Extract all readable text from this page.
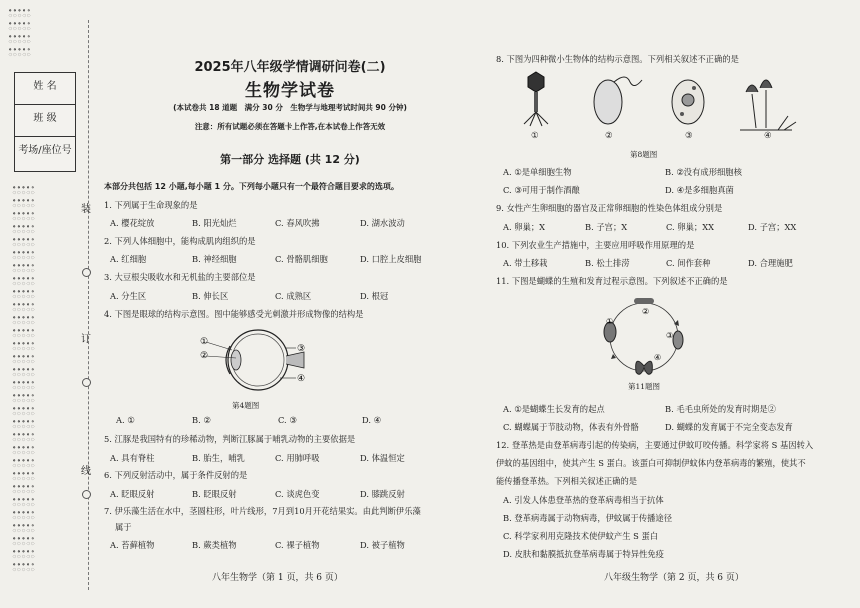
ఄఄఄఄఄఄఄఄఄ
ఄఄఄఄఄఄఄఄఄ
ఄఄఄఄఄఄఄఄఄ
ఄఄఄఄఄఄఄఄఄ
姓 名
班 级
考场/座位号
ఄఄఄఄఄఄఄఄఄ
ఄఄఄఄఄఄఄఄఄ
ఄఄఄఄఄఄఄఄఄ
ఄఄఄఄఄఄఄఄఄ
ఄఄఄఄఄఄఄఄఄ
ఄఄఄఄఄఄఄఄఄ
ఄఄఄఄఄఄఄఄఄ
ఄఄఄఄఄఄఄఄఄ
ఄఄఄఄఄఄఄఄఄ
ఄఄఄఄఄఄఄఄఄ
ఄఄఄఄఄఄఄఄఄ
ఄఄఄఄఄఄఄఄఄ
ఄఄఄఄఄఄఄఄఄ
ఄఄఄఄఄఄఄఄఄ
ఄఄఄఄఄఄఄఄఄ
ఄఄఄఄఄఄఄఄఄ
ఄఄఄఄఄఄఄఄఄ
ఄఄఄఄఄఄఄఄఄ
ఄఄఄఄఄఄఄఄఄ
ఄఄఄఄఄఄఄఄఄ
ఄఄఄఄఄఄఄఄఄ
ఄఄఄఄఄఄఄఄఄ
ఄఄఄఄఄఄఄఄఄ
ఄఄఄఄఄఄఄఄఄ
ఄఄఄఄఄఄఄఄఄ
ఄఄఄఄఄఄఄఄఄ
ఄఄఄఄఄఄఄఄఄ
ఄఄఄఄఄఄఄఄఄ
ఄఄఄఄఄఄఄఄఄ
ఄఄఄఄఄఄఄఄఄ
装
订
线
2025年八年级学情调研问卷(二)
生物学试卷
(本试卷共 18 道题　满分 30 分　生物学与地理考试时间共 90 分钟)
注意：所有试题必须在答题卡上作答,在本试卷上作答无效
第一部分 选择题 (共 12 分)
本部分共包括 12 小题,每小题 1 分。下列每小题只有一个最符合题目要求的选项。
1. 下列属于生命现象的是
A. 樱花绽放	B. 阳光灿烂	C. 春风吹拂	D. 湖水波动
2. 下列人体细胞中，能构成肌肉组织的是
A. 红细胞	B. 神经细胞	C. 骨骼肌细胞	D. 口腔上皮细胞
3. 大豆根尖吸收水和无机盐的主要部位是
A. 分生区	B. 伸长区	C. 成熟区	D. 根冠
4. 下图是眼球的结构示意图。图中能够感受光刺激并形成物像的结构是
①
②
③
④
第4题图
A. ①	B. ②	C. ③	D. ④
5. 江豚是我国特有的珍稀动物，判断江豚属于哺乳动物的主要依据是
A. 具有脊柱	B. 胎生，哺乳	C. 用肺呼吸	D. 体温恒定
6. 下列反射活动中，属于条件反射的是
A. 眨眼反射	B. 眨眼反射	C. 谈虎色变	D. 膝跳反射
7. 伊乐藻生活在水中，茎圆柱形，叶片线形，7月到10月开花结果实。由此判断伊乐藻
属于
A. 苔藓植物	B. 蕨类植物	C. 裸子植物	D. 被子植物
八年生物学（第 1 页，共 6 页）
8. 下图为四种微小生物体的结构示意图。下列相关叙述不正确的是
①	②	③	④
第8题图
A. ①是单细胞生物	B. ②没有成形细胞核
C. ③可用于制作酒酿	D. ④是多细胞真菌
9. 女性产生卵细胞的器官及正常卵细胞的性染色体组成分别是
A. 卵巢；X	B. 子宫；X	C. 卵巢；XX	D. 子宫；XX
10. 下列农业生产措施中，主要应用呼吸作用原理的是
A. 带土移栽	B. 松土排涝	C. 间作套种	D. 合理施肥
11. 下图是蝴蝶的生殖和发育过程示意图。下列叙述不正确的是
①
②
③
④
第11题图
A. ①是蝴蝶生长发育的起点	B. 毛毛虫所处的发育时期是②
C. 蝴蝶属于节肢动物，体表有外骨骼	D. 蝴蝶的发育属于不完全变态发育
12. 登革热是由登革病毒引起的传染病，主要通过伊蚊叮咬传播。科学家将 S 基因转入
伊蚊的基因组中，使其产生 S 蛋白。该蛋白可抑制伊蚊体内登革病毒的繁殖，使其不
能传播登革热。下列相关叙述正确的是
A. 引发人体患登革热的登革病毒相当于抗体
B. 登革病毒属于动物病毒，伊蚊属于传播途径
C. 科学家利用克隆技术使伊蚊产生 S 蛋白
D. 皮肤和黏膜抵抗登革病毒属于特异性免疫
八年级生物学（第 2 页，共 6 页）
